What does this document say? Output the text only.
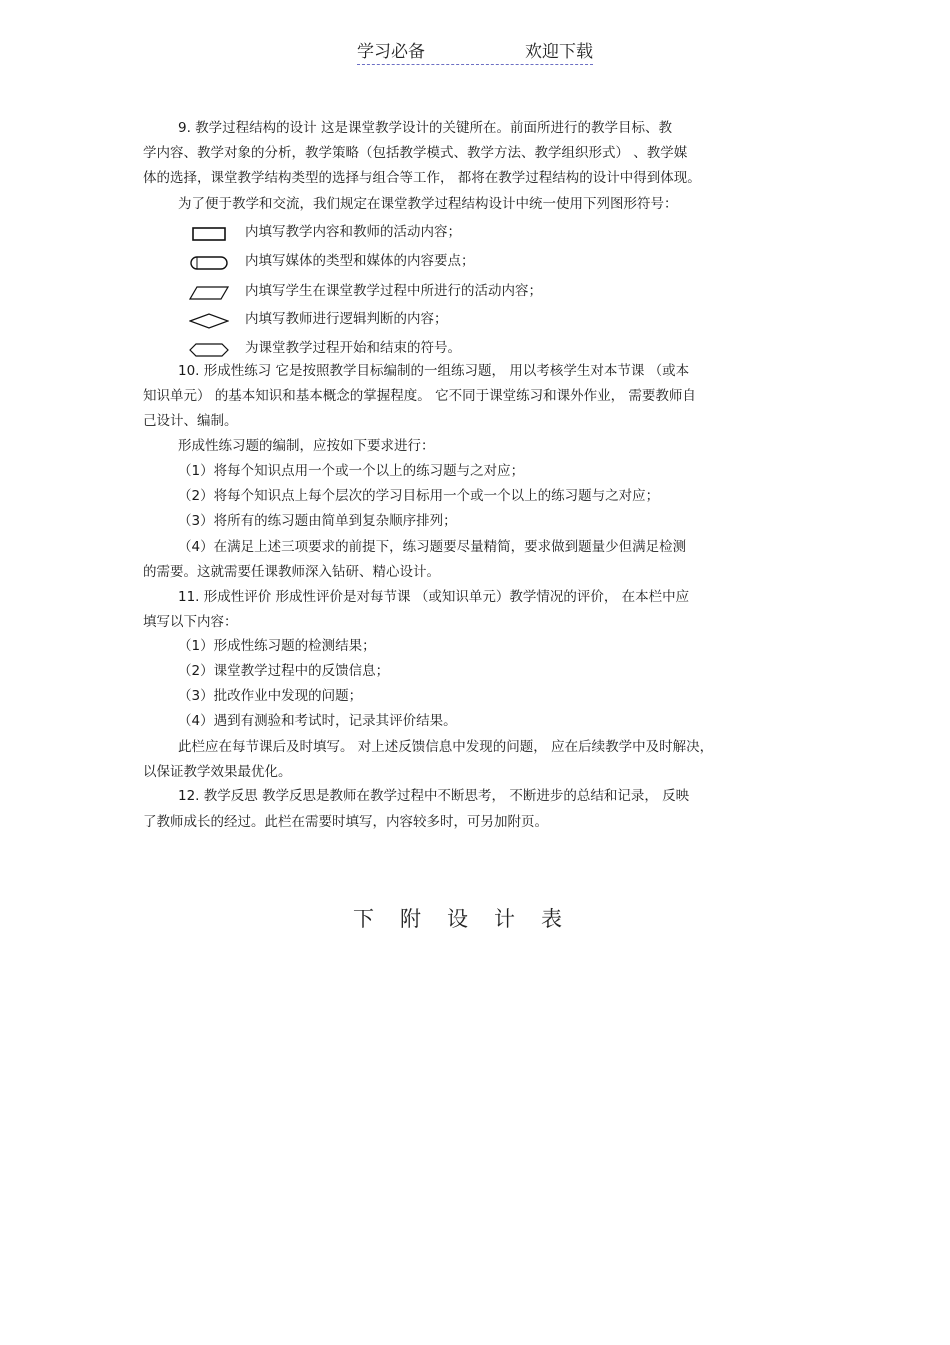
学习必备	欢迎下载
9. 教学过程结构的设计 这是课堂教学设计的关键所在。前面所进行的教学目标、教
学内容、教学对象的分析，教学策略（包括教学模式、教学方法、教学组织形式） 、教学媒
体的选择，课堂教学结构类型的选择与组合等工作， 都将在教学过程结构的设计中得到体现。
为了便于教学和交流，我们规定在课堂教学过程结构设计中统一使用下列图形符号：
内填写教学内容和教师的活动内容；
内填写媒体的类型和媒体的内容要点；
内填写学生在课堂教学过程中所进行的活动内容；
内填写教师进行逻辑判断的内容；
为课堂教学过程开始和结束的符号。
10. 形成性练习 它是按照教学目标编制的一组练习题， 用以考核学生对本节课 （或本
知识单元） 的基本知识和基本概念的掌握程度。 它不同于课堂练习和课外作业， 需要教师自
己设计、编制。
形成性练习题的编制，应按如下要求进行：
（1）将每个知识点用一个或一个以上的练习题与之对应；
（2）将每个知识点上每个层次的学习目标用一个或一个以上的练习题与之对应；
（3）将所有的练习题由简单到复杂顺序排列；
（4）在满足上述三项要求的前提下，练习题要尽量精简，要求做到题量少但满足检测
的需要。这就需要任课教师深入钻研、精心设计。
11. 形成性评价 形成性评价是对每节课 （或知识单元）教学情况的评价， 在本栏中应
填写以下内容：
（1）形成性练习题的检测结果；
（2）课堂教学过程中的反馈信息；
（3）批改作业中发现的问题；
（4）遇到有测验和考试时，记录其评价结果。
此栏应在每节课后及时填写。 对上述反馈信息中发现的问题， 应在后续教学中及时解决，
以保证教学效果最优化。
12. 教学反思 教学反思是教师在教学过程中不断思考， 不断进步的总结和记录， 反映
了教师成长的经过。此栏在需要时填写，内容较多时，可另加附页。
下附设计表
